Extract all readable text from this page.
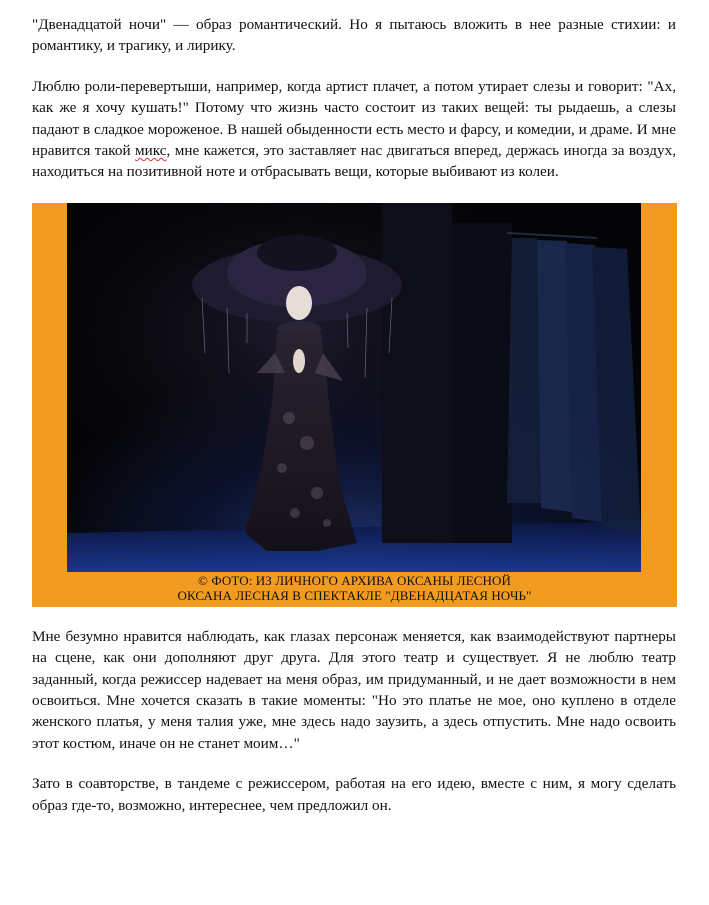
"Двенадцатой ночи" — образ романтический. Но я пытаюсь вложить в нее разные стихии: и романтику, и трагику, и лирику.

Люблю роли-перевертыши, например, когда артист плачет, а потом утирает слезы и говорит: "Ах, как же я хочу кушать!" Потому что жизнь часто состоит из таких вещей: ты рыдаешь, а слезы падают в сладкое мороженое. В нашей обыденности есть место и фарсу, и комедии, и драме. И мне нравится такой микс, мне кажется, это заставляет нас двигаться вперед, держась иногда за воздух, находиться на позитивной ноте и отбрасывать вещи, которые выбивают из колеи.

© ФОТО: ИЗ ЛИЧНОГО АРХИВА ОКСАНЫ ЛЕСНОЙ
ОКСАНА ЛЕСНАЯ В СПЕКТАКЛЕ "ДВЕНАДЦАТАЯ НОЧЬ"

Мне безумно нравится наблюдать, как глазах персонаж меняется, как взаимодействуют партнеры на сцене, как они дополняют друг друга. Для этого театр и существует. Я не люблю театр заданный, когда режиссер надевает на меня образ, им придуманный, и не дает возможности в нем освоиться. Мне хочется сказать в такие моменты: "Но это платье не мое, оно куплено в отделе женского платья, у меня талия уже, мне здесь надо заузить, а здесь отпустить. Мне надо освоить этот костюм, иначе он не станет моим…"

Зато в соавторстве, в тандеме с режиссером, работая на его идею, вместе с ним, я могу сделать образ где-то, возможно, интереснее, чем предложил он.
